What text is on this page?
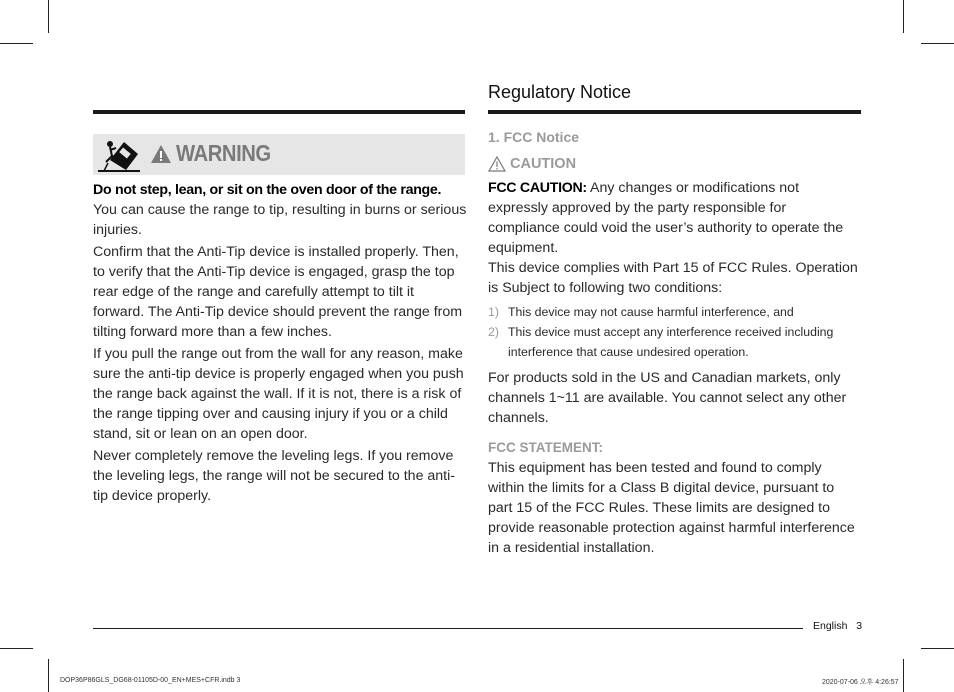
WARNING

Do not step, lean, or sit on the oven door of the range. You can cause the range to tip, resulting in burns or serious injuries.

Confirm that the Anti-Tip device is installed properly. Then, to verify that the Anti-Tip device is engaged, grasp the top rear edge of the range and carefully attempt to tilt it forward. The Anti-Tip device should prevent the range from tilting forward more than a few inches.

If you pull the range out from the wall for any reason, make sure the anti-tip device is properly engaged when you push the range back against the wall. If it is not, there is a risk of the range tipping over and causing injury if you or a child stand, sit or lean on an open door.

Never completely remove the leveling legs. If you remove the leveling legs, the range will not be secured to the anti-tip device properly.

Regulatory Notice
1. FCC Notice
CAUTION

FCC CAUTION: Any changes or modifications not expressly approved by the party responsible for compliance could void the user’s authority to operate the equipment.

This device complies with Part 15 of FCC Rules. Operation is Subject to following two conditions:

1) This device may not cause harmful interference, and
2) This device must accept any interference received including interference that cause undesired operation.

For products sold in the US and Canadian markets, only channels 1~11 are available. You cannot select any other channels.

FCC STATEMENT:

This equipment has been tested and found to comply within the limits for a Class B digital device, pursuant to part 15 of the FCC Rules. These limits are designed to provide reasonable protection against harmful interference in a residential installation.

English 3
DOP36P86GLS_DG68-01105D-00_EN+MES+CFR.indb 3	2020-07-06 오후 4:26:57
